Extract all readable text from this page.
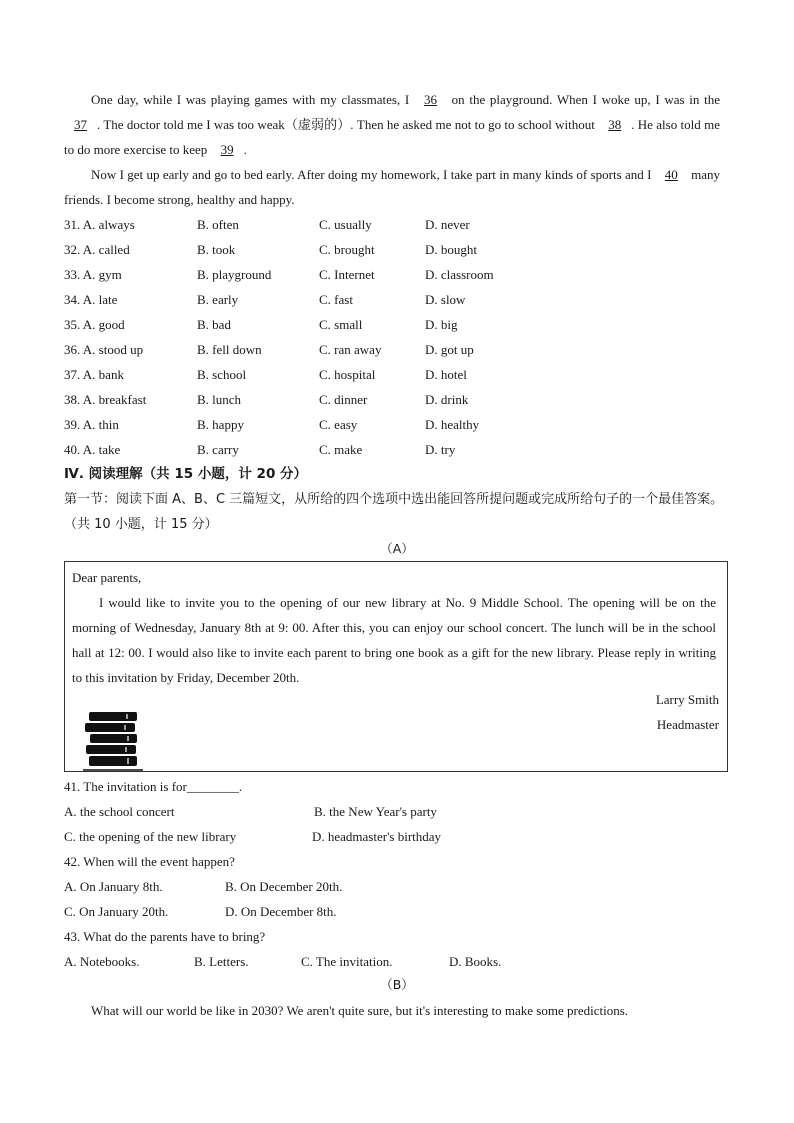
One day, while I was playing games with my classmates, I 36 on the playground. When I woke up, I was in the 37 . The doctor told me I was too weak（虚弱的）. Then he asked me not to go to school without 38 . He also told me to do more exercise to keep 39 .
Now I get up early and go to bed early. After doing my homework, I take part in many kinds of sports and I 40 many friends. I become strong, healthy and happy.
31. A. always	B. often	C. usually	D. never
32. A. called	B. took	C. brought	D. bought
33. A. gym	B. playground	C. Internet	D. classroom
34. A. late	B. early	C. fast	D. slow
35. A. good	B. bad	C. small	D. big
36. A. stood up	B. fell down	C. ran away	D. got up
37. A. bank	B. school	C. hospital	D. hotel
38. A. breakfast	B. lunch	C. dinner	D. drink
39. A. thin	B. happy	C. easy	D. healthy
40. A. take	B. carry	C. make	D. try
Ⅳ. 阅读理解（共 15 小题，计 20 分）
第一节：阅读下面 A、B、C 三篇短文，从所给的四个选项中选出能回答所提问题或完成所给句子的一个最佳答案。（共 10 小题，计 15 分）
（A）
Dear parents,
I would like to invite you to the opening of our new library at No. 9 Middle School. The opening will be on the morning of Wednesday, January 8th at 9: 00. After this, you can enjoy our school concert. The lunch will be in the school hall at 12: 00. I would also like to invite each parent to bring one book as a gift for the new library. Please reply in writing to this invitation by Friday, December 20th.
Larry Smith
Headmaster
41. The invitation is for________.
A. the school concert	B. the New Year's party
C. the opening of the new library	D. headmaster's birthday
42. When will the event happen?
A. On January 8th.	B. On December 20th.
C. On January 20th.	D. On December 8th.
43. What do the parents have to bring?
A. Notebooks.	B. Letters.	C. The invitation.	D. Books.
（B）
What will our world be like in 2030? We aren't quite sure, but it's interesting to make some predictions.
